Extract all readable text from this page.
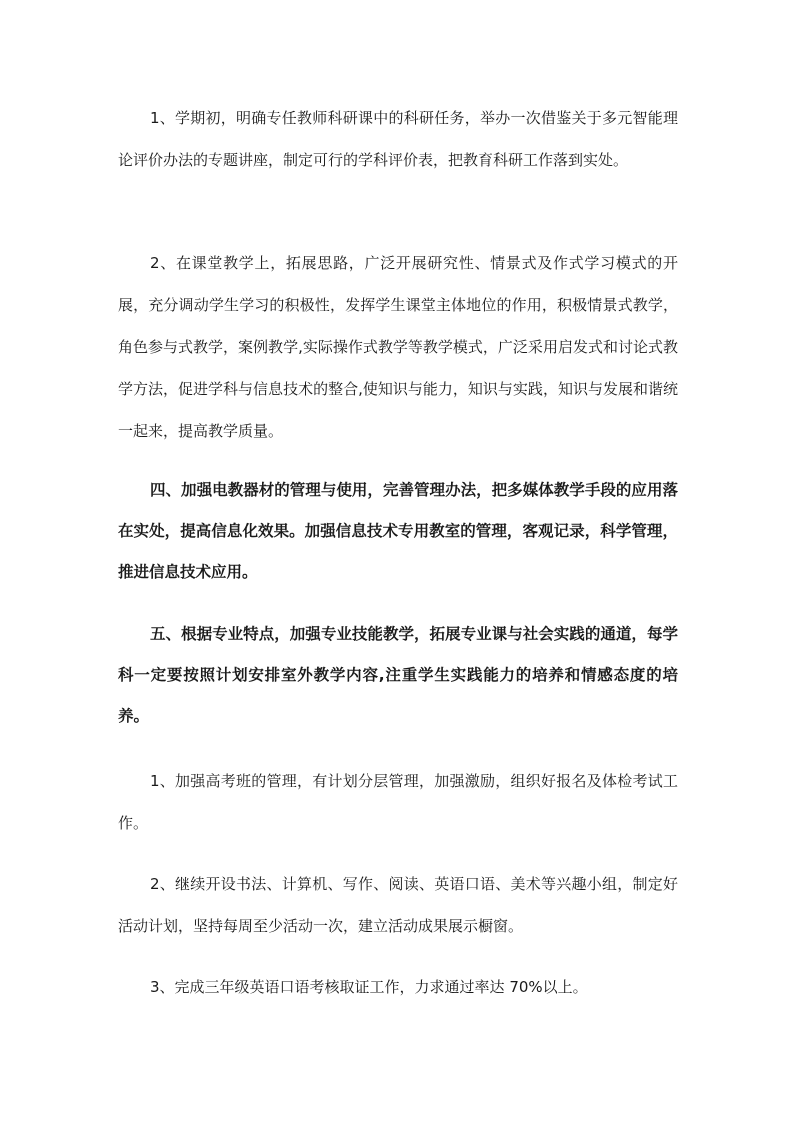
1、学期初，明确专任教师科研课中的科研任务，举办一次借鉴关于多元智能理论评价办法的专题讲座，制定可行的学科评价表，把教育科研工作落到实处。

2、在课堂教学上，拓展思路，广泛开展研究性、情景式及作式学习模式的开展，充分调动学生学习的积极性，发挥学生课堂主体地位的作用，积极情景式教学，角色参与式教学，案例教学,实际操作式教学等教学模式，广泛采用启发式和讨论式教学方法，促进学科与信息技术的整合,使知识与能力，知识与实践，知识与发展和谐统一起来，提高教学质量。

四、加强电教器材的管理与使用，完善管理办法，把多媒体教学手段的应用落在实处，提高信息化效果。加强信息技术专用教室的管理，客观记录，科学管理，推进信息技术应用。

五、根据专业特点，加强专业技能教学，拓展专业课与社会实践的通道，每学科一定要按照计划安排室外教学内容,注重学生实践能力的培养和情感态度的培养。

1、加强高考班的管理，有计划分层管理，加强激励，组织好报名及体检考试工作。

2、继续开设书法、计算机、写作、阅读、英语口语、美术等兴趣小组，制定好活动计划，坚持每周至少活动一次，建立活动成果展示橱窗。

3、完成三年级英语口语考核取证工作，力求通过率达 70%以上。
